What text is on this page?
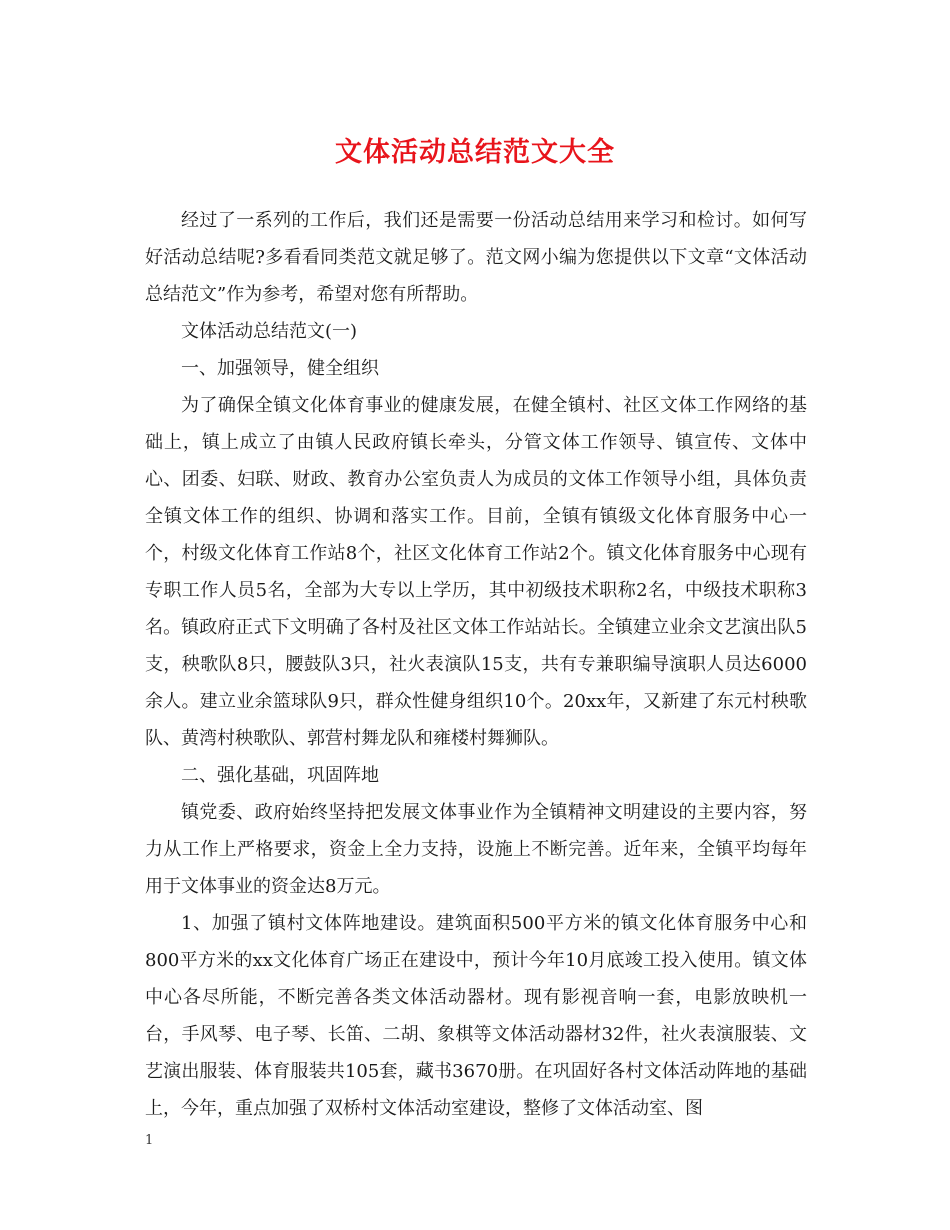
文体活动总结范文大全

经过了一系列的工作后，我们还是需要一份活动总结用来学习和检讨。如何写好活动总结呢?多看看同类范文就足够了。范文网小编为您提供以下文章“文体活动总结范文”作为参考，希望对您有所帮助。

文体活动总结范文(一)

一、加强领导，健全组织

为了确保全镇文化体育事业的健康发展，在健全镇村、社区文体工作网络的基础上，镇上成立了由镇人民政府镇长牵头，分管文体工作领导、镇宣传、文体中心、团委、妇联、财政、教育办公室负责人为成员的文体工作领导小组，具体负责全镇文体工作的组织、协调和落实工作。目前，全镇有镇级文化体育服务中心一个，村级文化体育工作站8个，社区文化体育工作站2个。镇文化体育服务中心现有专职工作人员5名，全部为大专以上学历，其中初级技术职称2名，中级技术职称3名。镇政府正式下文明确了各村及社区文体工作站站长。全镇建立业余文艺演出队5支，秧歌队8只，腰鼓队3只，社火表演队15支，共有专兼职编导演职人员达6000余人。建立业余篮球队9只，群众性健身组织10个。20xx年，又新建了东元村秧歌队、黄湾村秧歌队、郭营村舞龙队和雍楼村舞狮队。

二、强化基础，巩固阵地

镇党委、政府始终坚持把发展文体事业作为全镇精神文明建设的主要内容，努力从工作上严格要求，资金上全力支持，设施上不断完善。近年来，全镇平均每年用于文体事业的资金达8万元。

1、加强了镇村文体阵地建设。建筑面积500平方米的镇文化体育服务中心和800平方米的xx文化体育广场正在建设中，预计今年10月底竣工投入使用。镇文体中心各尽所能，不断完善各类文体活动器材。现有影视音响一套，电影放映机一台，手风琴、电子琴、长笛、二胡、象棋等文体活动器材32件，社火表演服装、文艺演出服装、体育服装共105套，藏书3670册。在巩固好各村文体活动阵地的基础上，今年，重点加强了双桥村文体活动室建设，整修了文体活动室、图

1
